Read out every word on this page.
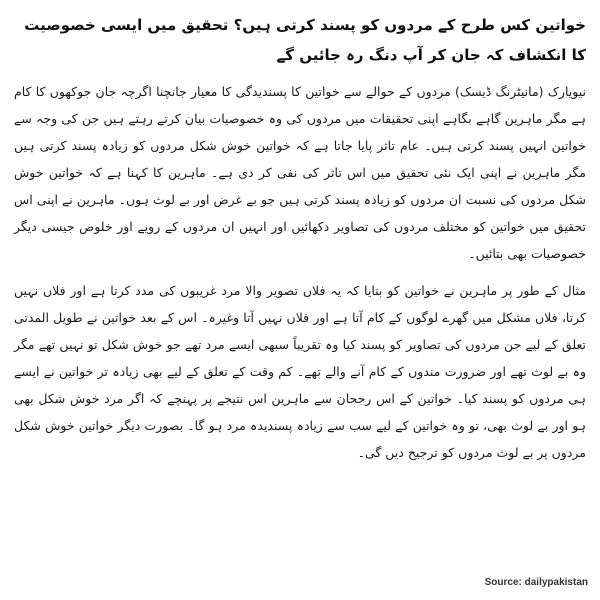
خواتین کس طرح کے مردوں کو پسند کرتی ہیں؟ تحقیق میں ایسی خصوصیت کا انکشاف کہ جان کر آپ دنگ رہ جائیں گے

نیویارک (مانیٹرنگ ڈیسک) مردوں کے حوالے سے خواتین کا پسندیدگی کا معیار جانچنا اگرچہ جان جوکھوں کا کام ہے مگر ماہرین گاہے بگاہے اپنی تحقیقات میں مردوں کی وہ خصوصیات بیان کرتے رہتے ہیں جن کی وجہ سے خواتین انہیں پسند کرتی ہیں۔ عام تاثر پایا جاتا ہے کہ خواتین خوش شکل مردوں کو زیادہ پسند کرتی ہیں مگر ماہرین نے اپنی ایک نئی تحقیق میں اس تاثر کی نفی کر دی ہے۔ ماہرین کا کہنا ہے کہ خواتین خوش شکل مردوں کی نسبت ان مردوں کو زیادہ پسند کرتی ہیں جو بے غرض اور بے لوث ہوں۔ ماہرین نے اپنی اس تحقیق میں خواتین کو مختلف مردوں کی تصاویر دکھائیں اور انہیں ان مردوں کے رویے اور خلوص جیسی دیگر خصوصیات بھی بتائیں۔

مثال کے طور پر ماہرین نے خواتین کو بتایا کہ یہ فلاں تصویر والا مرد غریبوں کی مدد کرتا ہے اور فلاں نہیں کرتا، فلاں مشکل میں گھرے لوگوں کے کام آتا ہے اور فلاں نہیں آتا وغیرہ۔ اس کے بعد خواتین نے طویل المدتی تعلق کے لیے جن مردوں کی تصاویر کو پسند کیا وہ تقریباً سبھی ایسے مرد تھے جو خوش شکل تو نہیں تھے مگر وہ بے لوث تھے اور ضرورت مندوں کے کام آنے والے تھے۔ کم وقت کے تعلق کے لیے بھی زیادہ تر خواتین نے ایسے ہی مردوں کو پسند کیا۔ خواتین کے اس رجحان سے ماہرین اس نتیجے پر پہنچے کہ اگر مرد خوش شکل بھی ہو اور بے لوث بھی، تو وہ خواتین کے لیے سب سے زیادہ پسندیدہ مرد ہو گا۔ بصورت دیگر خواتین خوش شکل مردوں پر بے لوث مردوں کو ترجیح دیں گی۔

Source: dailypakistan
